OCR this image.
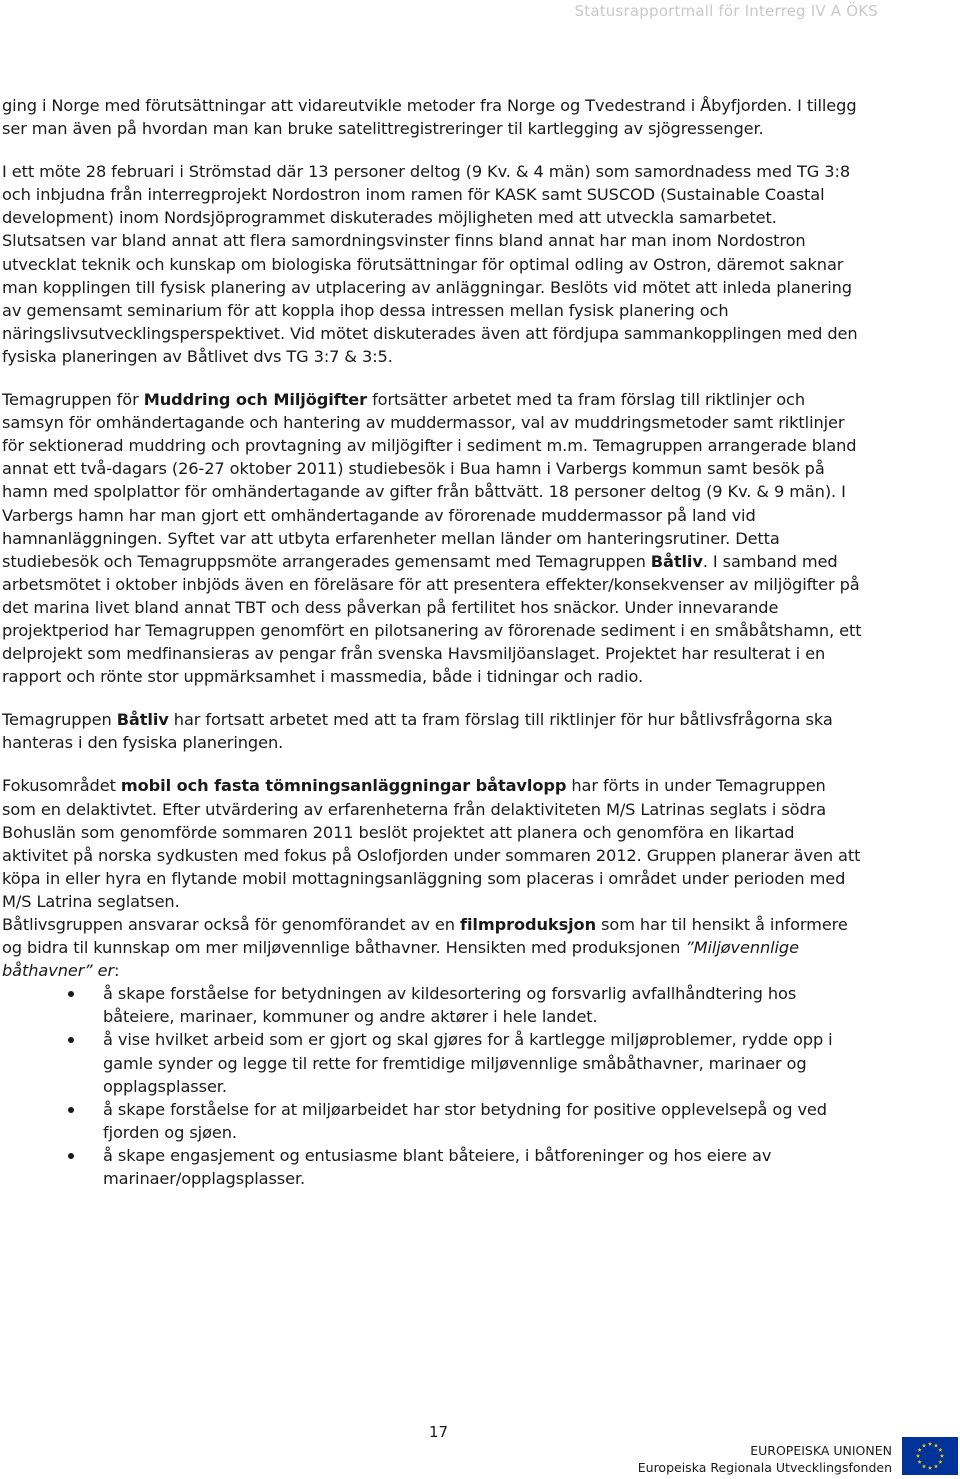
Statusrapportmall för Interreg IV A ÖKS

ging i Norge med förutsättningar att vidareutvikle metoder fra Norge og Tvedestrand i Åbyfjorden. I tillegg ser man även på hvordan man kan bruke satelittregistreringer til kartlegging av sjögressenger.

I ett möte 28 februari i Strömstad där 13 personer deltog (9 Kv. & 4 män) som samordnadess med TG 3:8 och inbjudna från interregprojekt Nordostron inom ramen för KASK samt SUSCOD (Sustainable Coastal development) inom Nordsjöprogrammet diskuterades möjligheten med att utveckla samarbetet. Slutsatsen var bland annat att flera samordningsvinster finns bland annat har man inom Nordostron utvecklat teknik och kunskap om biologiska förutsättningar för optimal odling av Ostron, däremot saknar man kopplingen till fysisk planering av utplacering av anläggningar. Beslöts vid mötet att inleda planering av gemensamt seminarium för att koppla ihop dessa intressen mellan fysisk planering och näringslivsutvecklingsperspektivet. Vid mötet diskuterades även att fördjupa sammankopplingen med den fysiska planeringen av Båtlivet dvs TG 3:7 & 3:5.

Temagruppen för Muddring och Miljögifter fortsätter arbetet med ta fram förslag till riktlinjer och samsyn för omhändertagande och hantering av muddermassor, val av muddringsmetoder samt riktlinjer för sektionerad muddring och provtagning av miljögifter i sediment m.m. Temagruppen arrangerade bland annat ett två-dagars (26-27 oktober 2011) studiebesök i Bua hamn i Varbergs kommun samt besök på hamn med spolplattor för omhändertagande av gifter från båttvätt. 18 personer deltog (9 Kv. & 9 män). I Varbergs hamn har man gjort ett omhändertagande av förorenade muddermassor på land vid hamnanläggningen. Syftet var att utbyta erfarenheter mellan länder om hanteringsrutiner. Detta studiebesök och Temagruppsmöte arrangerades gemensamt med Temagruppen Båtliv. I samband med arbetsmötet i oktober inbjöds även en föreläsare för att presentera effekter/konsekvenser av miljögifter på det marina livet bland annat TBT och dess påverkan på fertilitet hos snäckor. Under innevarande projektperiod har Temagruppen genomfört en pilotsanering av förorenade sediment i en småbåtshamn, ett delprojekt som medfinansieras av pengar från svenska Havsmiljöanslaget. Projektet har resulterat i en rapport och rönte stor uppmärksamhet i massmedia, både i tidningar och radio.

Temagruppen Båtliv har fortsatt arbetet med att ta fram förslag till riktlinjer för hur båtlivsfrågorna ska hanteras i den fysiska planeringen.

Fokusområdet mobil och fasta tömningsanläggningar båtavlopp har förts in under Temagruppen som en delaktivtet. Efter utvärdering av erfarenheterna från delaktiviteten M/S Latrinas seglats i södra Bohuslän som genomförde sommaren 2011 beslöt projektet att planera och genomföra en likartad aktivitet på norska sydkusten med fokus på Oslofjorden under sommaren 2012. Gruppen planerar även att köpa in eller hyra en flytande mobil mottagningsanläggning som placeras i området under perioden med M/S Latrina seglatsen.

Båtlivsgruppen ansvarar också för genomförandet av en filmproduksjon som har til hensikt å informere og bidra til kunnskap om mer miljøvennlige båthavner. Hensikten med produksjonen ”Miljøvennlige båthavner” er:

å skape forståelse for betydningen av kildesortering og forsvarlig avfallhåndtering hos båteiere, marinaer, kommuner og andre aktører i hele landet.
å vise hvilket arbeid som er gjort og skal gjøres for å kartlegge miljøproblemer, rydde opp i gamle synder og legge til rette for fremtidige miljøvennlige småbåthavner, marinaer og opplagsplasser.
å skape forståelse for at miljøarbeidet har stor betydning for positive opplevelsepå og ved fjorden og sjøen.
å skape engasjement og entusiasme blant båteiere, i båtforeninger og hos eiere av marinaer/opplagsplasser.
17
EUROPEISKA UNIONEN
Europeiska Regionala Utvecklingsfonden
